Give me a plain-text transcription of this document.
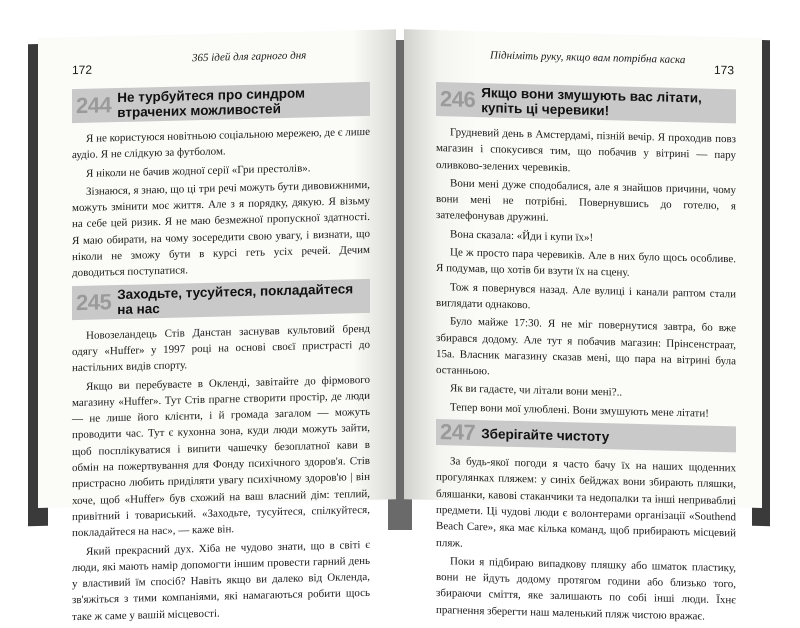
172
365 ідей для гарного дня
244 Не турбуйтеся про синдром втрачених можливостей

Я не користуюся новітньою соціальною мережею, де є лише аудіо. Я не слідкую за футболом.

Я ніколи не бачив жодної серії «Гри престолів».

Зізнаюся, я знаю, що ці три речі можуть бути дивовижними, можуть змінити моє життя. Але з я порядку, дякую. Я візьму на себе цей ризик. Я не маю безмежної пропускної здатності. Я маю обирати, на чому зосередити свою увагу, і визнати, що ніколи не зможу бути в курсі геть усіх речей. Дечим доводиться поступатися.

245 Заходьте, тусуйтеся, покладайтеся на нас

Новозеландець Стів Данстан заснував культовий бренд одягу «Huffer» у 1997 році на основі своєї пристрасті до настільних видів спорту.

Якщо ви перебуваєте в Окленді, завітайте до фірмового магазину «Huffer». Тут Стів прагне створити простір, де люди — не лише його клієнти, і й громада загалом — можуть проводити час. Тут є кухонна зона, куди люди можуть зайти, щоб посплікуватися і випити чашечку безоплатної кави в обмін на пожертвування для Фонду психічного здоров'я. Стів пристрасно любить приділяти увагу психічному здоров'ю | він хоче, щоб «Huffer» був схожий на ваш власний дім: теплий, привітний і товариський. «Заходьте, тусуйтеся, спілкуйтеся, покладайтеся на нас», — каже він.

Який прекрасний дух. Хіба не чудово знати, що в світі є люди, які мають намір допомогти іншим провести гарний день у властивий їм спосіб? Навіть якщо ви далеко від Окленда, зв'яжіться з тими компаніями, які намагаються робити щось таке ж саме у вашій місцевості.

Підніміть руку, якщо вам потрібна каска
173
246 Якщо вони змушують вас літати, купіть ці черевики!

Грудневий день в Амстердамі, пізній вечір. Я проходив повз магазин і спокусився тим, що побачив у вітрині — пару оливково-зелених черевиків.

Вони мені дуже сподобалися, але я знайшов причини, чому вони мені не потрібні. Повернувшись до готелю, я зателефонував дружині.

Вона сказала: «Йди і купи їх»!

Це ж просто пара черевиків. Але в них було щось особливе. Я подумав, що хотів би взути їх на сцену.

Тож я повернувся назад. Але вулиці і канали раптом стали виглядати однаково.

Було майже 17:30. Я не міг повернутися завтра, бо вже збирався додому. Але тут я побачив магазин: Прінсенстраат, 15a. Власник магазину сказав мені, що пара на вітрині була останньою.

Як ви гадаєте, чи літали вони мені?..

Тепер вони мої улюблені. Вони змушують мене літати!

247 Зберігайте чистоту

За будь-якої погоди я часто бачу їх на наших щоденних прогулянках пляжем: у синіх бейджах вони збирають пляшки, бляшанки, кавові стаканчики та недопалки та інші неприваблиі предмети. Ці чудові люди є волонтерами організації «Southend Beach Care», яка має кілька команд, щоб прибирають місцевий пляж.

Поки я підбираю випадкову пляшку або шматок пластику, вони не йдуть додому протягом години або близько того, збираючи сміття, яке залишають по собі інші люди. Їхнє прагнення зберегти наш маленький пляж чистою вражає.
